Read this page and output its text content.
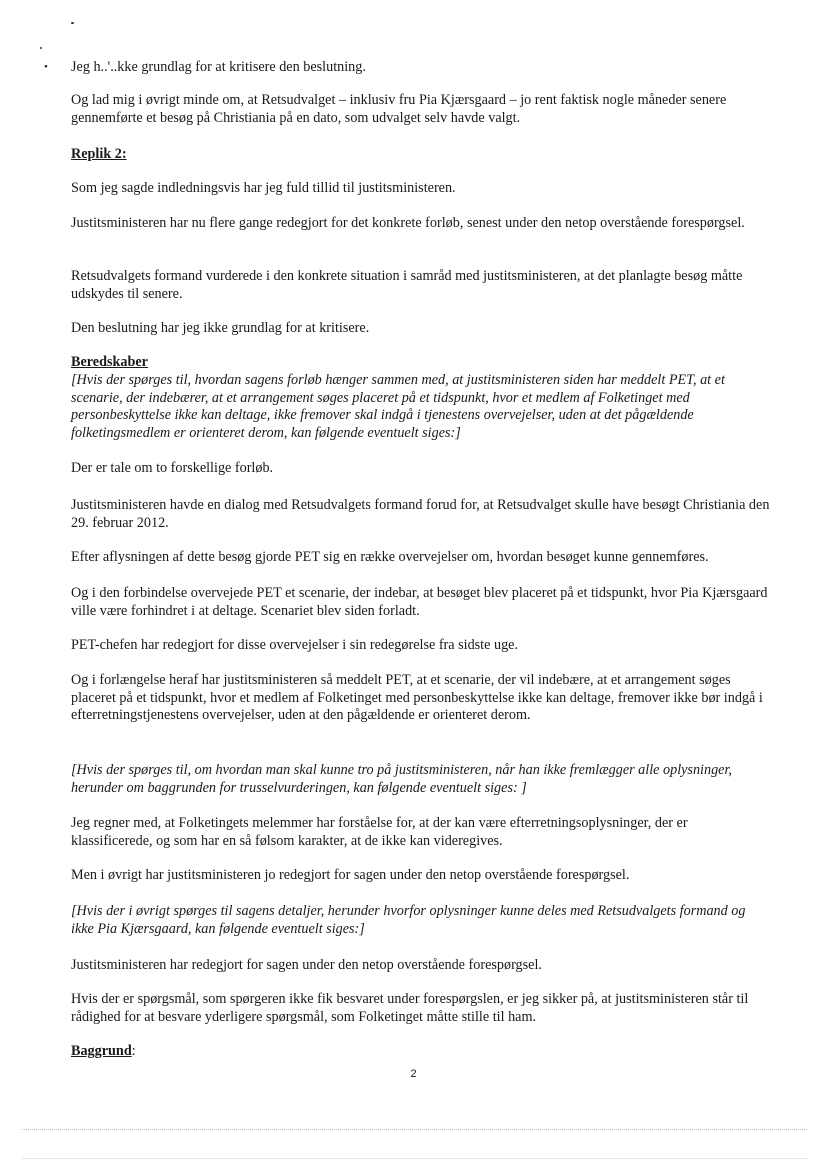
• Jeg h..'..kke grundlag for at kritisere den beslutning.

Og lad mig i øvrigt minde om, at Retsudvalget – inklusiv fru Pia Kjærsgaard – jo rent faktisk nogle måneder senere gennemførte et besøg på Christiania på en dato, som udvalget selv havde valgt.

Replik 2:

Som jeg sagde indledningsvis har jeg fuld tillid til justitsministeren.

Justitsministeren har nu flere gange redegjort for det konkrete forløb, senest under den netop overstående forespørgsel.

Retsudvalgets formand vurderede i den konkrete situation i samråd med justitsministeren, at det planlagte besøg måtte udskydes til senere.

Den beslutning har jeg ikke grundlag for at kritisere.

Beredskaber

[Hvis der spørges til, hvordan sagens forløb hænger sammen med, at justitsministeren siden har meddelt PET, at et scenarie, der indebærer, at et arrangement søges placeret på et tidspunkt, hvor et medlem af Folketinget med personbeskyttelse ikke kan deltage, ikke fremover skal indgå i tjenestens overvejelser, uden at det pågældende folketingsmedlem er orienteret derom, kan følgende eventuelt siges:]

Der er tale om to forskellige forløb.

Justitsministeren havde en dialog med Retsudvalgets formand forud for, at Retsudvalget skulle have besøgt Christiania den 29. februar 2012.

Efter aflysningen af dette besøg gjorde PET sig en række overvejelser om, hvordan besøget kunne gennemføres.

Og i den forbindelse overvejede PET et scenarie, der indebar, at besøget blev placeret på et tidspunkt, hvor Pia Kjærsgaard ville være forhindret i at deltage. Scenariet blev siden forladt.

PET-chefen har redegjort for disse overvejelser i sin redegørelse fra sidste uge.

Og i forlængelse heraf har justitsministeren så meddelt PET, at et scenarie, der vil indebære, at et arrangement søges placeret på et tidspunkt, hvor et medlem af Folketinget med personbeskyttelse ikke kan deltage, fremover ikke bør indgå i efterretningstjenestens overvejelser, uden at den pågældende er orienteret derom.

[Hvis der spørges til, om hvordan man skal kunne tro på justitsministeren, når han ikke fremlægger alle oplysninger, herunder om baggrunden for trusselvurderingen, kan følgende eventuelt siges: ]

Jeg regner med, at Folketingets melemmer har forståelse for, at der kan være efterretningsoplysninger, der er klassificerede, og som har en så følsom karakter, at de ikke kan videregives.

Men i øvrigt har justitsministeren jo redegjort for sagen under den netop overstående forespørgsel.

[Hvis der i øvrigt spørges til sagens detaljer, herunder hvorfor oplysninger kunne deles med Retsudvalgets formand og ikke Pia Kjærsgaard, kan følgende eventuelt siges:]

Justitsministeren har redegjort for sagen under den netop overstående forespørgsel.

Hvis der er spørgsmål, som spørgeren ikke fik besvaret under forespørgslen, er jeg sikker på, at justitsministeren står til rådighed for at besvare yderligere spørgsmål, som Folketinget måtte stille til ham.

Baggrund:

2
